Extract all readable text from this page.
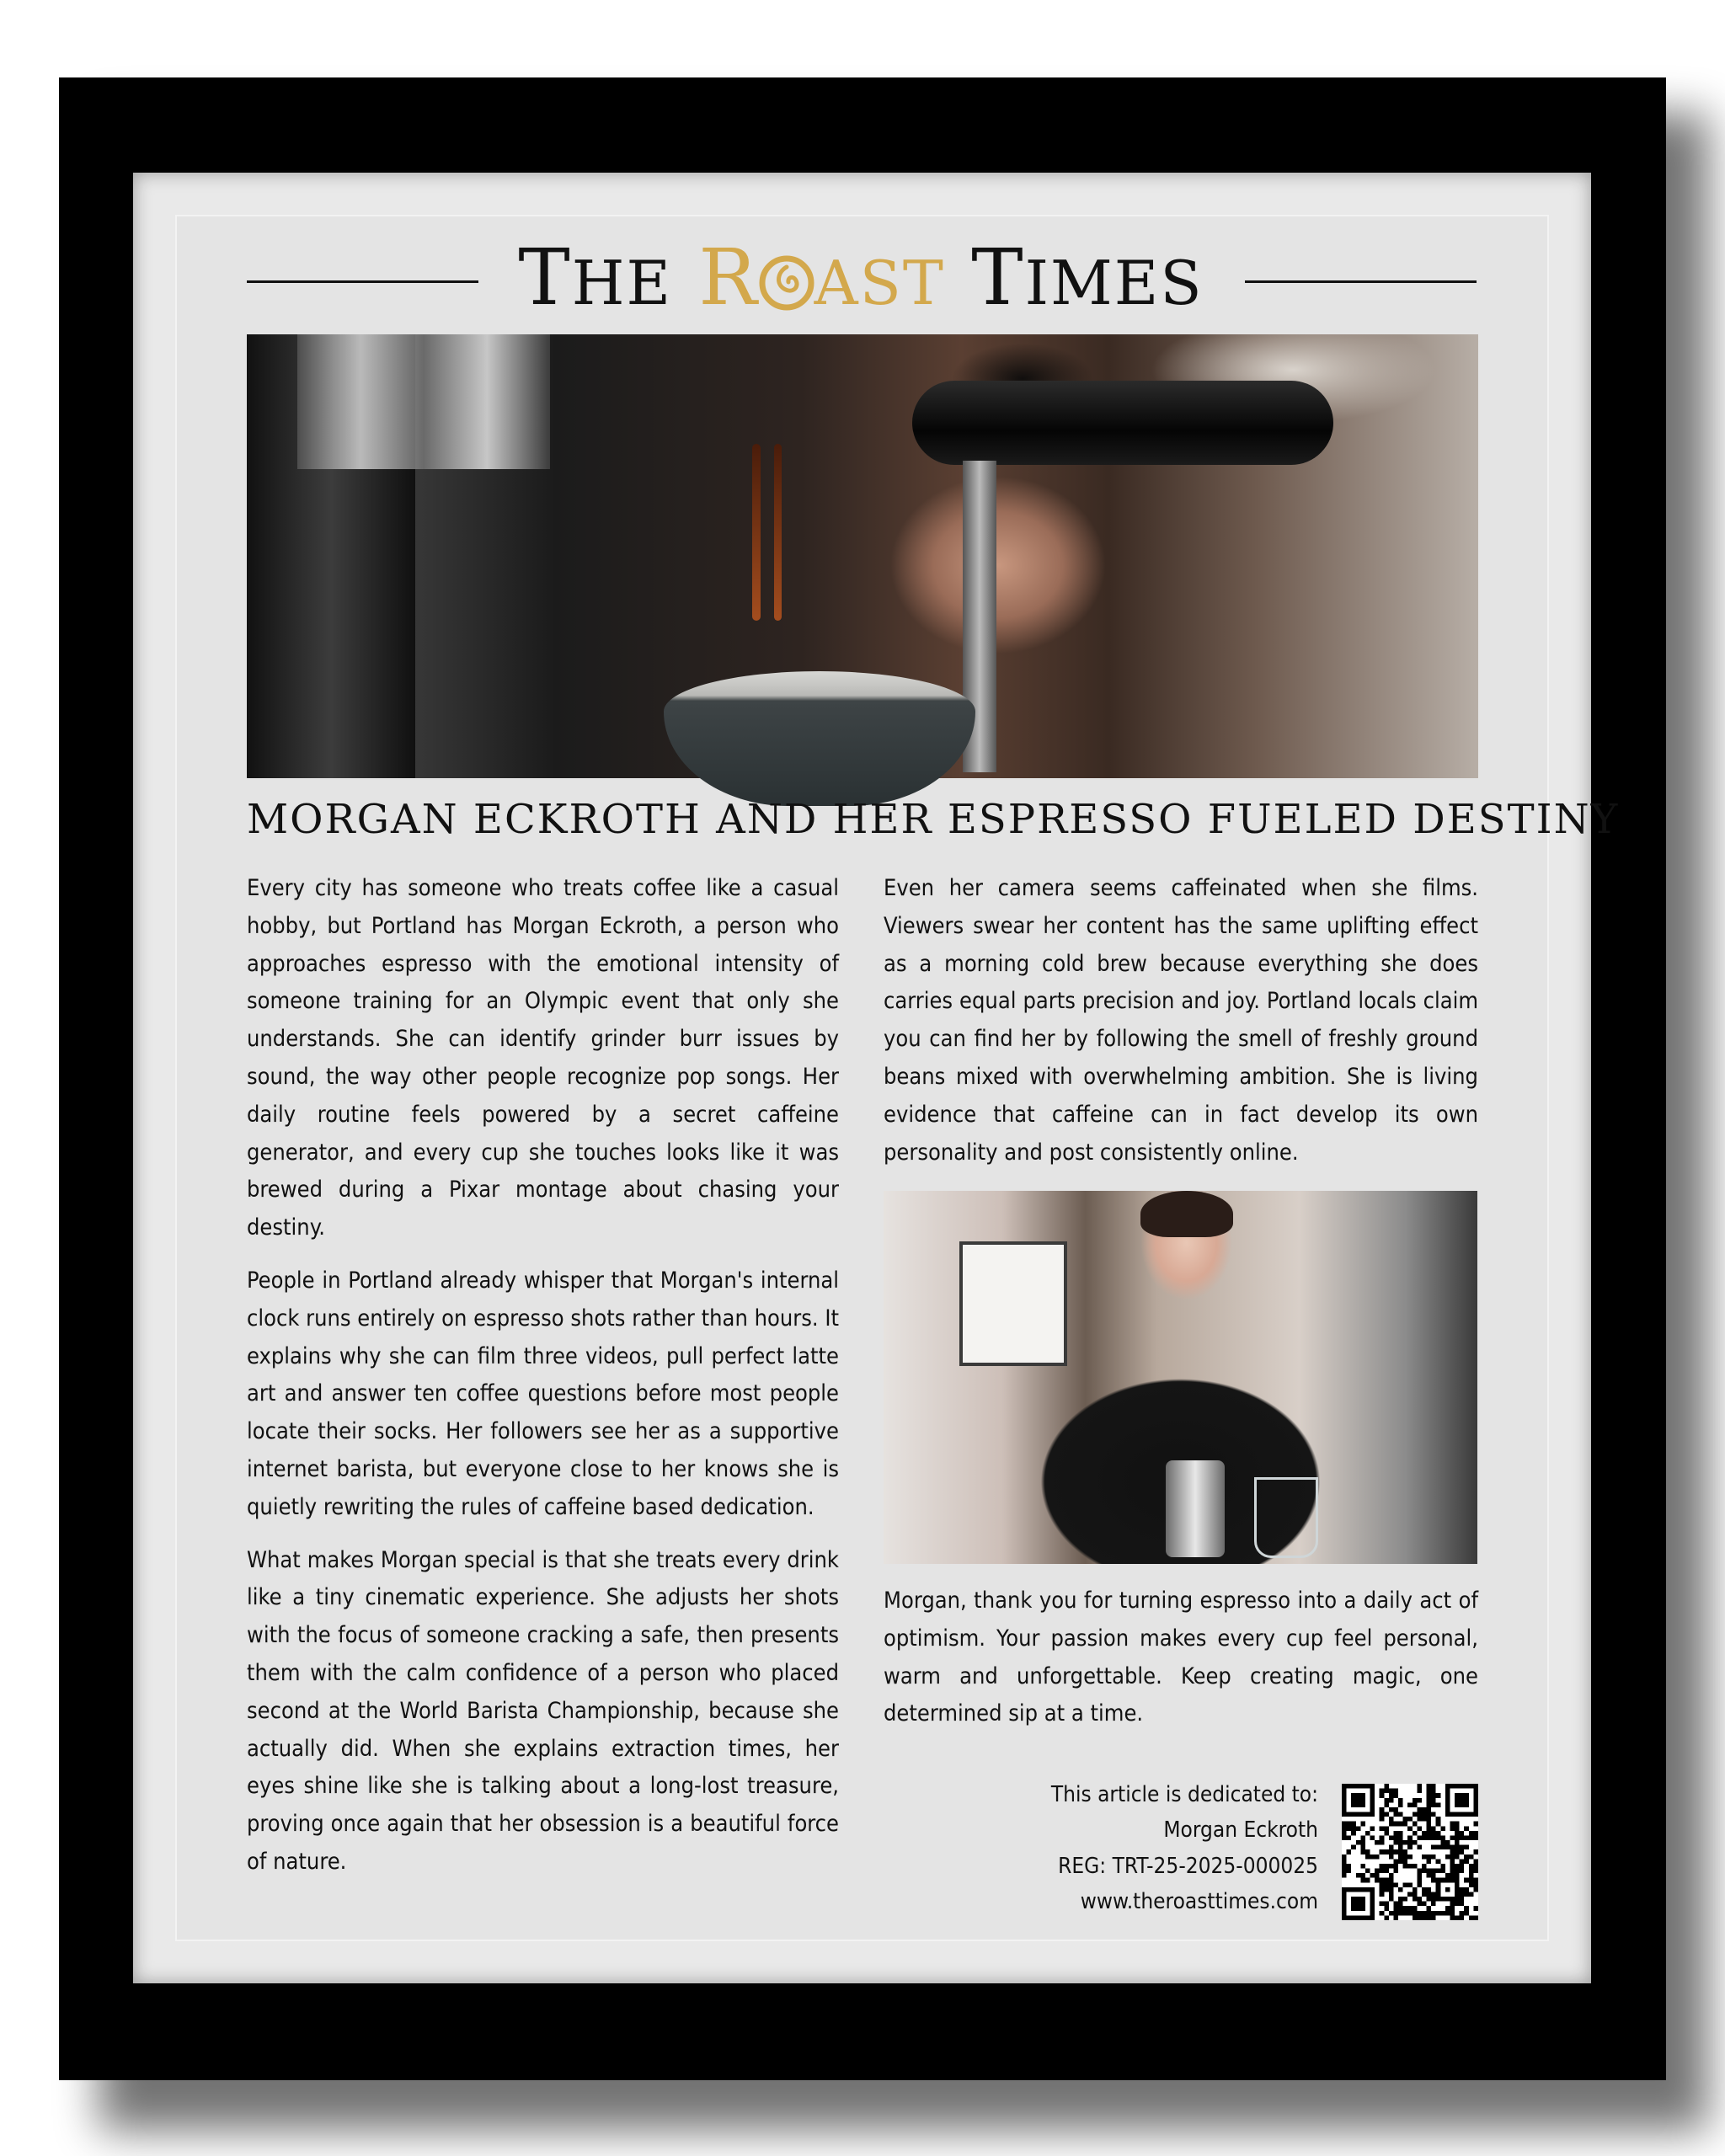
THE R AST TIMES
MORGAN ECKROTH AND HER ESPRESSO FUELED DESTINY

Every city has someone who treats coffee like a casual hobby, but Portland has Morgan Eckroth, a person who approaches espresso with the emotional intensity of someone training for an Olympic event that only she understands. She can identify grinder burr issues by sound, the way other people recognize pop songs. Her daily routine feels powered by a secret caffeine generator, and every cup she touches looks like it was brewed during a Pixar montage about chasing your destiny.

People in Portland already whisper that Morgan's internal clock runs entirely on espresso shots rather than hours. It explains why she can film three videos, pull perfect latte art and answer ten coffee questions before most people locate their socks. Her followers see her as a supportive internet barista, but everyone close to her knows she is quietly rewriting the rules of caffeine based dedication.

What makes Morgan special is that she treats every drink like a tiny cinematic experience. She adjusts her shots with the focus of someone cracking a safe, then presents them with the calm confidence of a person who placed second at the World Barista Championship, because she actually did. When she explains extraction times, her eyes shine like she is talking about a long-lost treasure, proving once again that her obsession is a beautiful force of nature.

Even her camera seems caffeinated when she films. Viewers swear her content has the same uplifting effect as a morning cold brew because everything she does carries equal parts precision and joy. Portland locals claim you can find her by following the smell of freshly ground beans mixed with overwhelming ambition. She is living evidence that caffeine can in fact develop its own personality and post consistently online.

Morgan, thank you for turning espresso into a daily act of optimism. Your passion makes every cup feel personal, warm and unforgettable. Keep creating magic, one determined sip at a time.

This article is dedicated to:
Morgan Eckroth
REG: TRT-25-2025-000025
www.theroasttimes.com
